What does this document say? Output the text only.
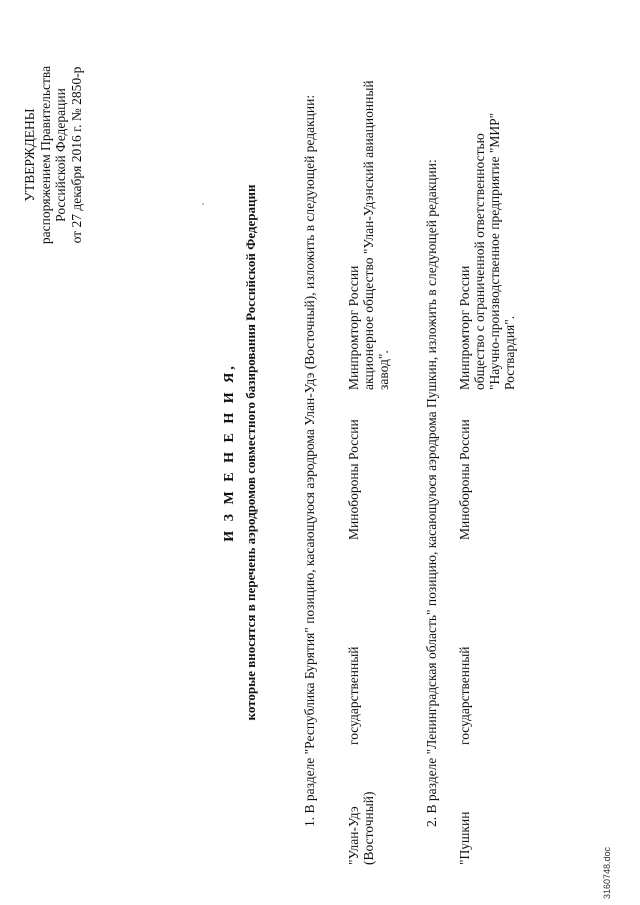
УТВЕРЖДЕНЫ распоряжением Правительства Российской Федерации от 27 декабря 2016 г. № 2850-р
И З М Е Н Е Н И Я, которые вносятся в перечень аэродромов совместного базирования Российской Федерации	1. В разделе "Республика Бурятия" позицию, касающуюся аэродрома Улан-Удэ (Восточный), изложить в следующей редакции:
"Улан-Удэ (Восточный)
государственный
Минобороны России
Минпромторг России акционерное общество "Улан-Удэнский авиационный завод". 2. В разделе "Ленинградская область" позицию, касающуюся аэродрома Пушкин, изложить в следующей редакции:
"Пушкин
государственный
Минобороны России
Минпромторг России общество с ограниченной ответственностью "Научно-производственное предприятие "МИР" Роствардия".
3160748.doc
